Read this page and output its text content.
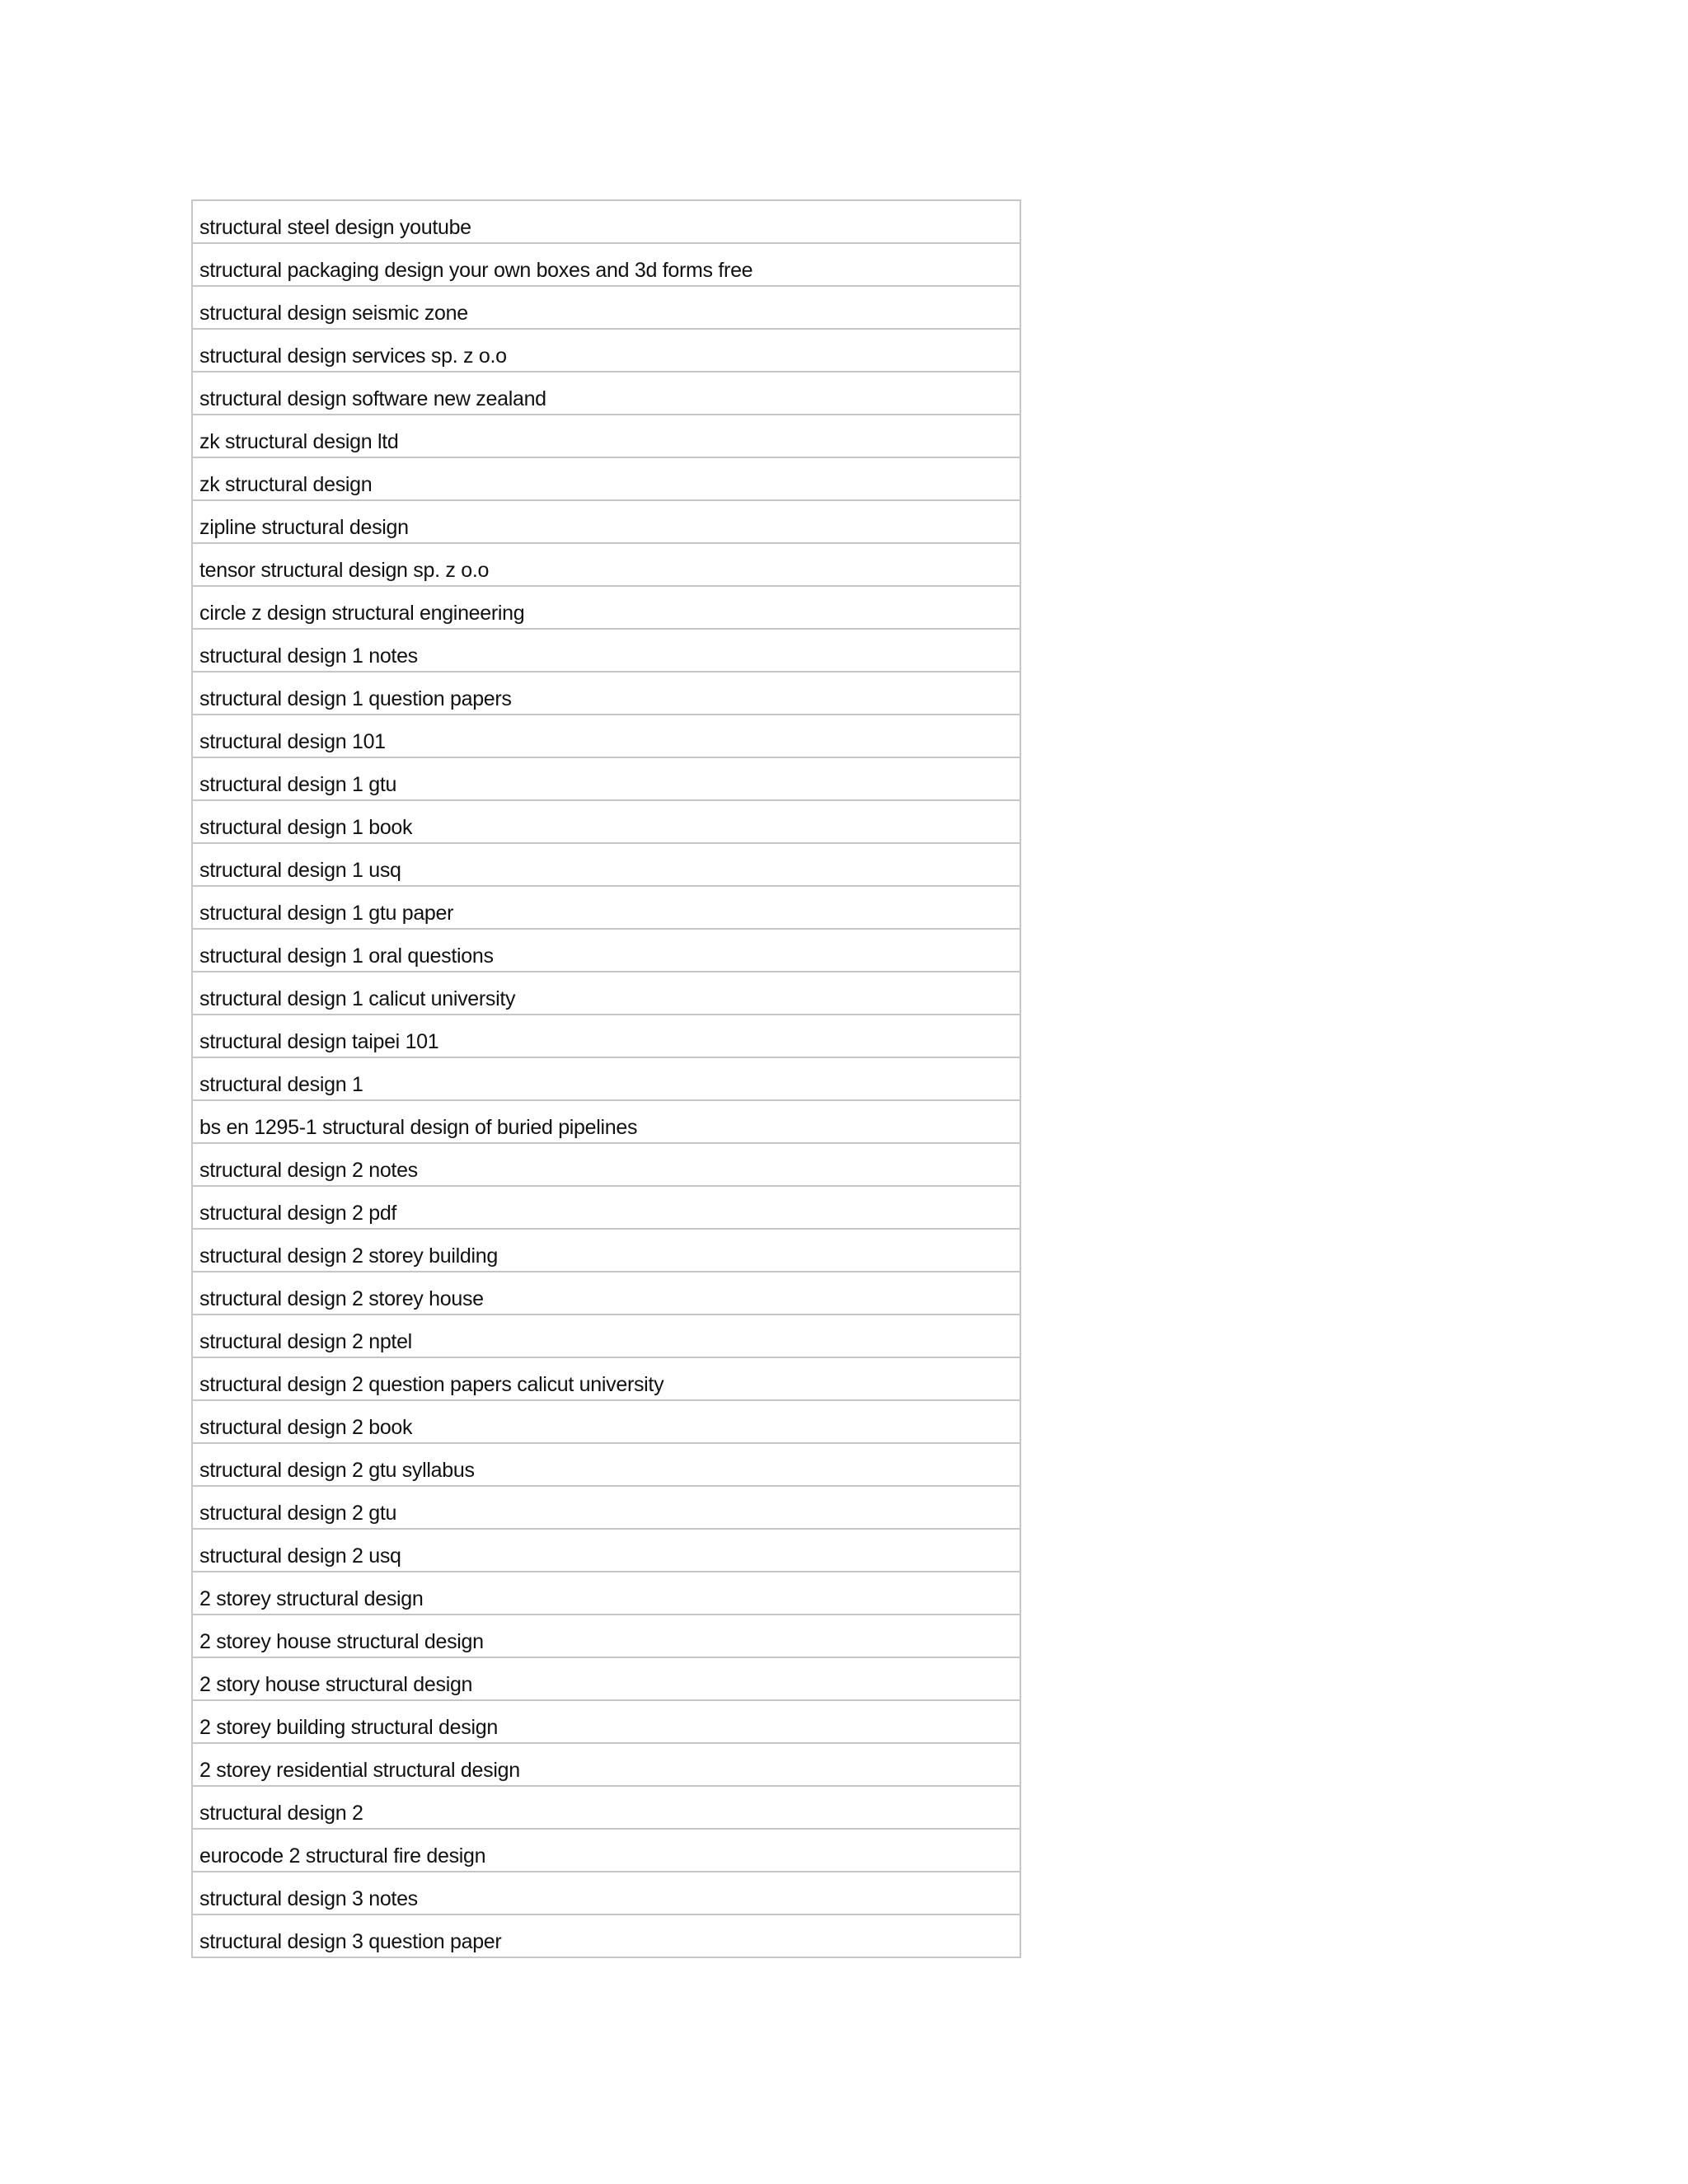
structural steel design youtube
structural packaging design your own boxes and 3d forms free
structural design seismic zone
structural design services sp. z o.o
structural design software new zealand
zk structural design ltd
zk structural design
zipline structural design
tensor structural design sp. z o.o
circle z design structural engineering
structural design 1 notes
structural design 1 question papers
structural design 101
structural design 1 gtu
structural design 1 book
structural design 1 usq
structural design 1 gtu paper
structural design 1 oral questions
structural design 1 calicut university
structural design taipei 101
structural design 1
bs en 1295-1 structural design of buried pipelines
structural design 2 notes
structural design 2 pdf
structural design 2 storey building
structural design 2 storey house
structural design 2 nptel
structural design 2 question papers calicut university
structural design 2 book
structural design 2 gtu syllabus
structural design 2 gtu
structural design 2 usq
2 storey structural design
2 storey house structural design
2 story house structural design
2 storey building structural design
2 storey residential structural design
structural design 2
eurocode 2 structural fire design
structural design 3 notes
structural design 3 question paper
